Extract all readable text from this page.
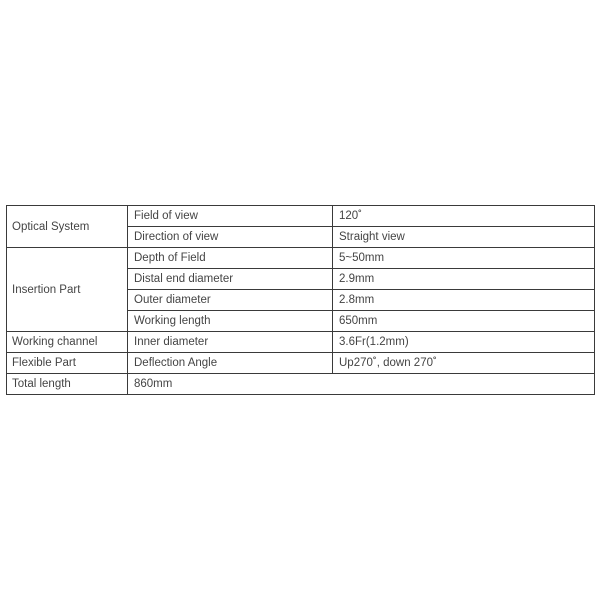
Optical System	Field of view	120˚
	Direction of view	Straight view
Insertion Part	Depth of Field	5~50mm
	Distal end diameter	2.9mm
	Outer diameter	2.8mm
	Working length	650mm
Working channel	Inner diameter	3.6Fr(1.2mm)
Flexible Part	Deflection Angle	Up270˚, down 270˚
Total length	860mm	
